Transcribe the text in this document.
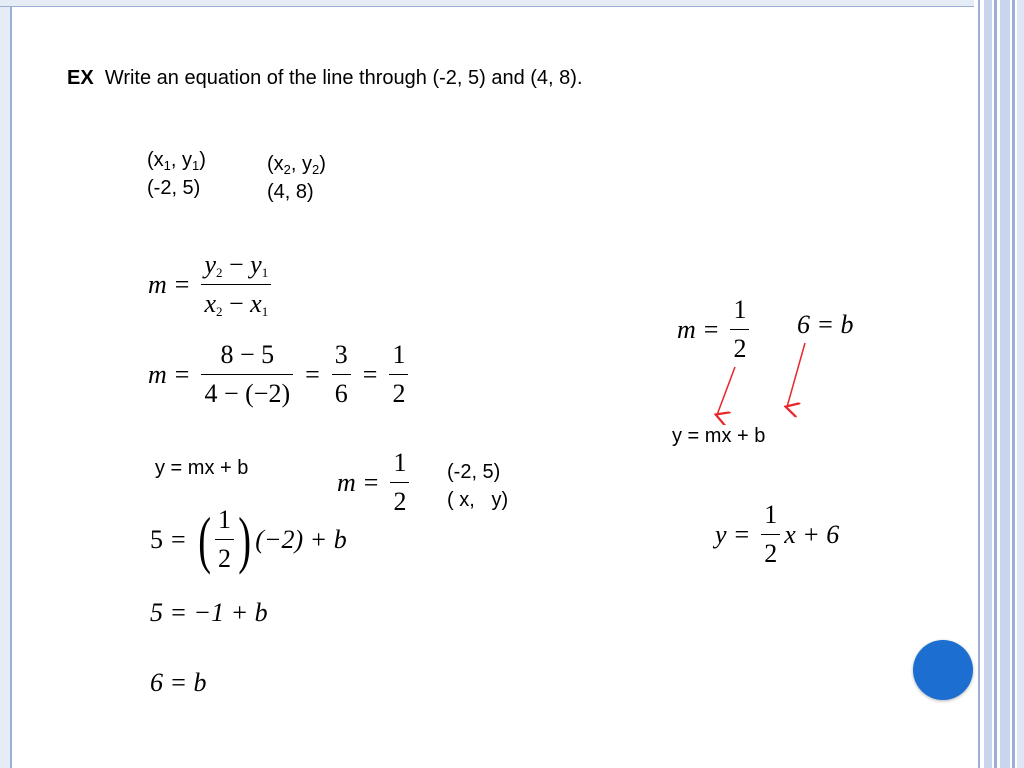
EX Write an equation of the line through (-2, 5) and (4, 8).
($x_1$, $y_1$)
(-2, 5)
($x_2$, $y_2$)
(4, 8)
$m = \frac{y_2 - y_1}{x_2 - x_1}$
$m = \frac{8 - 5}{4 - (-2)} = \frac{3}{6} = \frac{1}{2}$
y = mx + b	$m = \frac{1}{2} (-2$, 5)
( x,   y)
5 = ( $\frac{1}{2}$ ) (−2) + b
5 = −1 + b
6 = b
$m = \frac{1}{2} 6 = b$
y = mx + b
$y = \frac{1}{2}$ x + 6
